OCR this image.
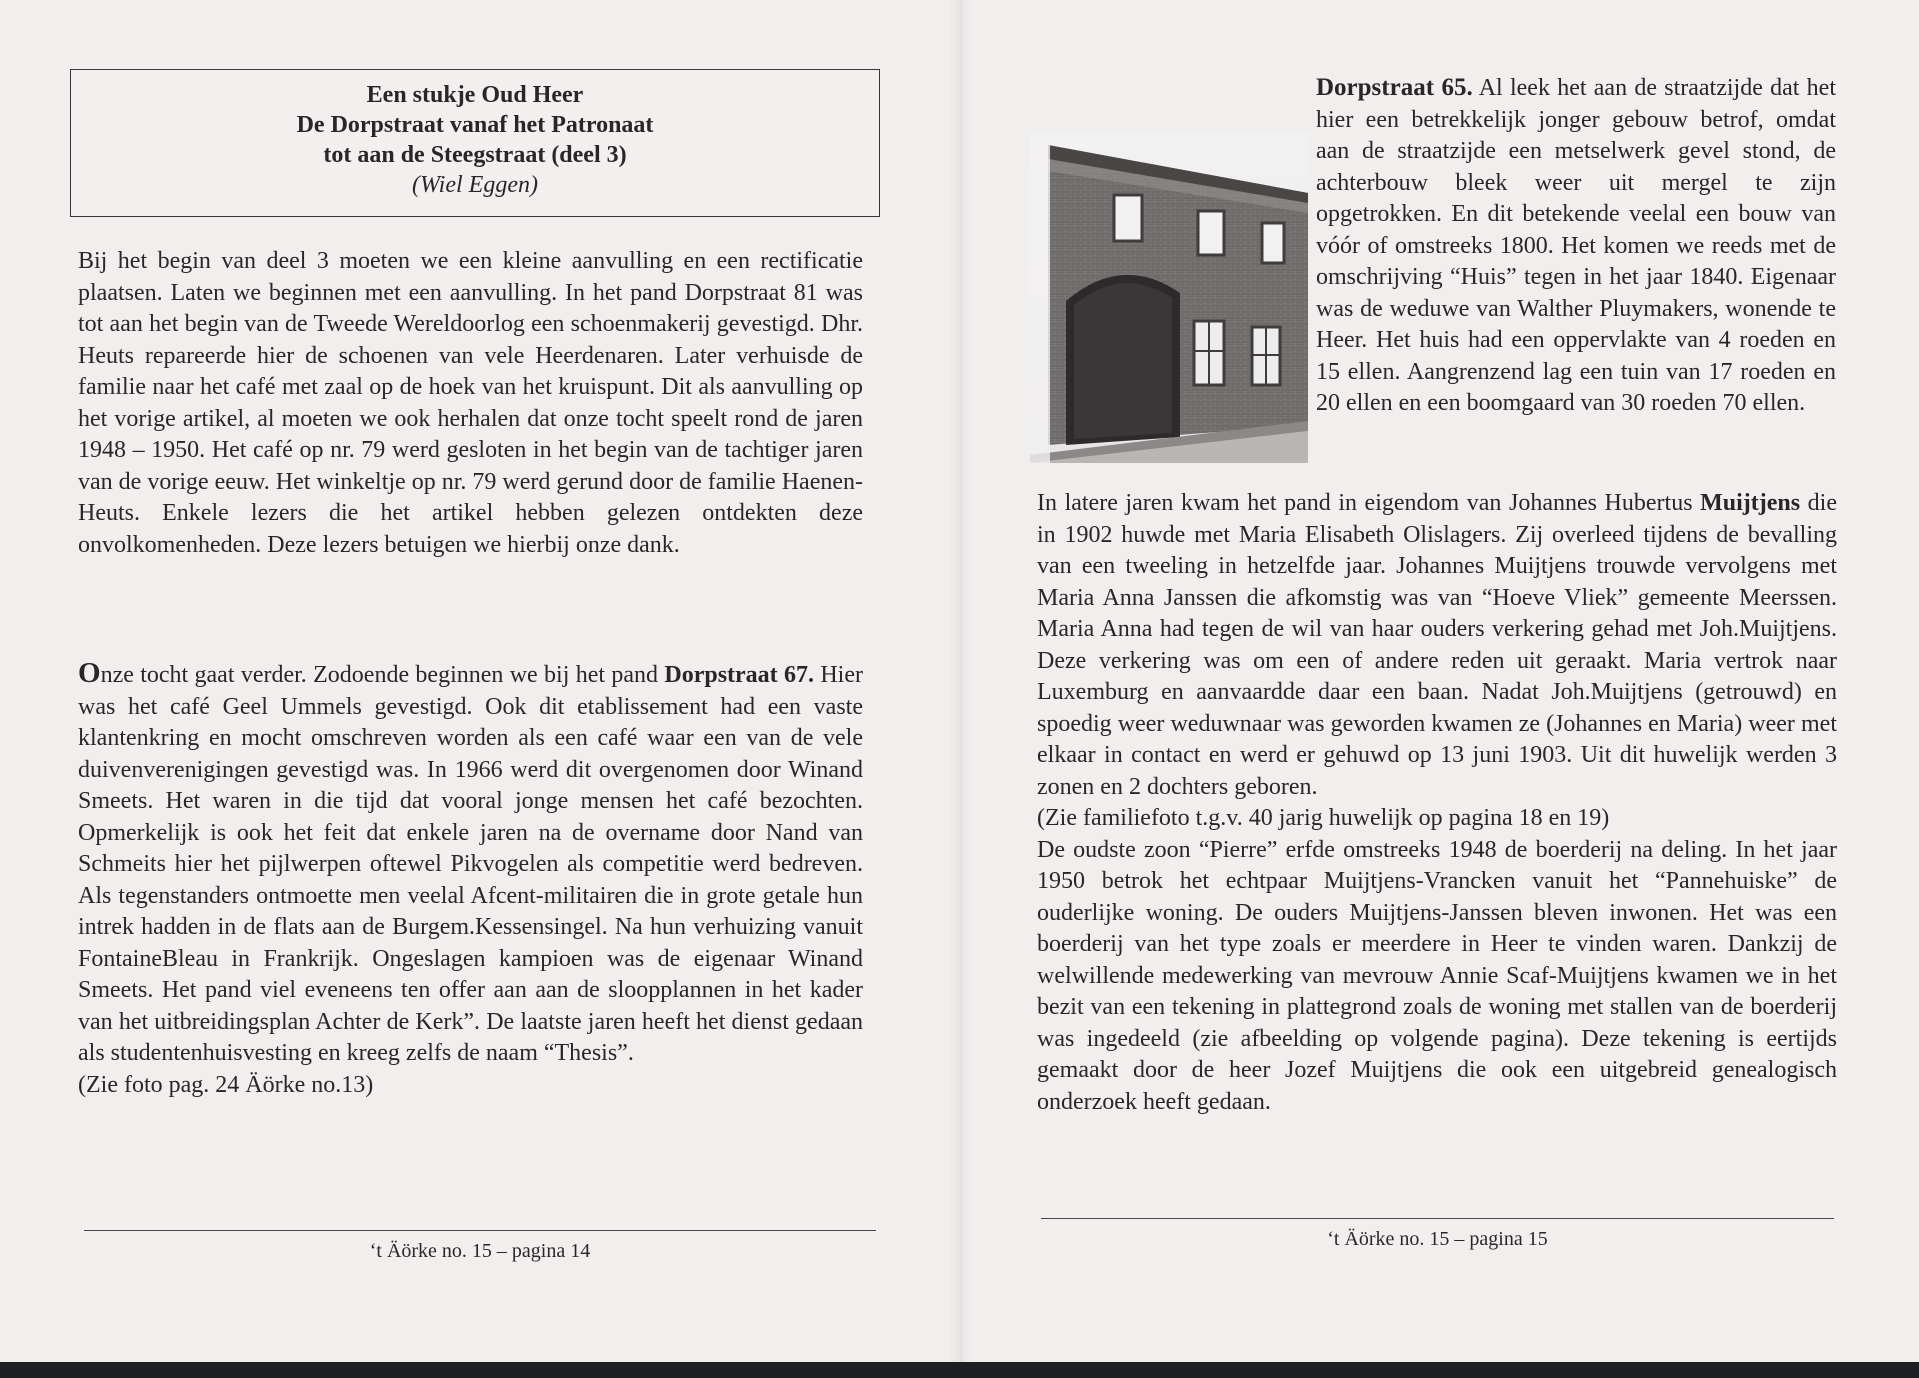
Een stukje Oud Heer

De Dorpstraat vanaf het Patronaat

tot aan de Steegstraat (deel 3)

(Wiel Eggen)

Bij het begin van deel 3 moeten we een kleine aanvulling en een rectificatie plaatsen. Laten we beginnen met een aanvulling. In het pand Dorpstraat 81 was tot aan het begin van de Tweede Wereldoorlog een schoenmakerij gevestigd. Dhr. Heuts repareerde hier de schoenen van vele Heerdenaren. Later verhuisde de familie naar het café met zaal op de hoek van het kruispunt. Dit als aanvulling op het vorige artikel, al moeten we ook herhalen dat onze tocht speelt rond de jaren 1948 – 1950. Het café op nr. 79 werd gesloten in het begin van de tachtiger jaren van de vorige eeuw. Het winkeltje op nr. 79 werd gerund door de familie Haenen-Heuts. Enkele lezers die het artikel hebben gelezen ontdekten deze onvolkomenheden. Deze lezers betuigen we hierbij onze dank.

Onze tocht gaat verder. Zodoende beginnen we bij het pand Dorpstraat 67. Hier was het café Geel Ummels gevestigd. Ook dit etablissement had een vaste klantenkring en mocht omschreven worden als een café waar een van de vele duivenverenigingen gevestigd was. In 1966 werd dit overgenomen door Winand Smeets. Het waren in die tijd dat vooral jonge mensen het café bezochten. Opmerkelijk is ook het feit dat enkele jaren na de overname door Nand van Schmeits hier het pijlwerpen oftewel Pikvogelen als competitie werd bedreven. Als tegenstanders ontmoette men veelal Afcent-militairen die in grote getale hun intrek hadden in de flats aan de Burgem.Kessensingel. Na hun verhuizing vanuit FontaineBleau in Frankrijk. Ongeslagen kampioen was de eigenaar Winand Smeets. Het pand viel eveneens ten offer aan aan de sloopplannen in het kader van het uitbreidingsplan Achter de Kerk”. De laatste jaren heeft het dienst gedaan als studentenhuisvesting en kreeg zelfs de naam “Thesis”.

(Zie foto pag. 24 Äörke no.13)

‘t Äörke no. 15 – pagina 14

Dorpstraat 65. Al leek het aan de straatzijde dat het hier een betrekkelijk jonger gebouw betrof, omdat aan de straatzijde een metselwerk gevel stond, de achterbouw bleek weer uit mergel te zijn opgetrokken. En dit betekende veelal een bouw van vóór of omstreeks 1800. Het komen we reeds met de omschrijving “Huis” tegen in het jaar 1840. Eigenaar was de weduwe van Walther Pluymakers, wonende te Heer. Het huis had een oppervlakte van 4 roeden en 15 ellen. Aangrenzend lag een tuin van 17 roeden en 20 ellen en een boomgaard van 30 roeden 70 ellen.

In latere jaren kwam het pand in eigendom van Johannes Hubertus Muijtjens die in 1902 huwde met Maria Elisabeth Olislagers. Zij overleed tijdens de bevalling van een tweeling in hetzelfde jaar. Johannes Muijtjens trouwde vervolgens met Maria Anna Janssen die afkomstig was van “Hoeve Vliek” gemeente Meerssen. Maria Anna had tegen de wil van haar ouders verkering gehad met Joh.Muijtjens. Deze verkering was om een of andere reden uit geraakt. Maria vertrok naar Luxemburg en aanvaardde daar een baan. Nadat Joh.Muijtjens (getrouwd) en spoedig weer weduwnaar was geworden kwamen ze (Johannes en Maria) weer met elkaar in contact en werd er gehuwd op 13 juni 1903. Uit dit huwelijk werden 3 zonen en 2 dochters geboren.

(Zie familiefoto t.g.v. 40 jarig huwelijk op pagina 18 en 19)

De oudste zoon “Pierre” erfde omstreeks 1948 de boerderij na deling. In het jaar 1950 betrok het echtpaar Muijtjens-Vrancken vanuit het “Pannehuiske” de ouderlijke woning. De ouders Muijtjens-Janssen bleven inwonen. Het was een boerderij van het type zoals er meerdere in Heer te vinden waren. Dankzij de welwillende medewerking van mevrouw Annie Scaf-Muijtjens kwamen we in het bezit van een tekening in plattegrond zoals de woning met stallen van de boerderij was ingedeeld (zie afbeelding op volgende pagina). Deze tekening is eertijds gemaakt door de heer Jozef Muijtjens die ook een uitgebreid genealogisch onderzoek heeft gedaan.

‘t Äörke no. 15 – pagina 15
